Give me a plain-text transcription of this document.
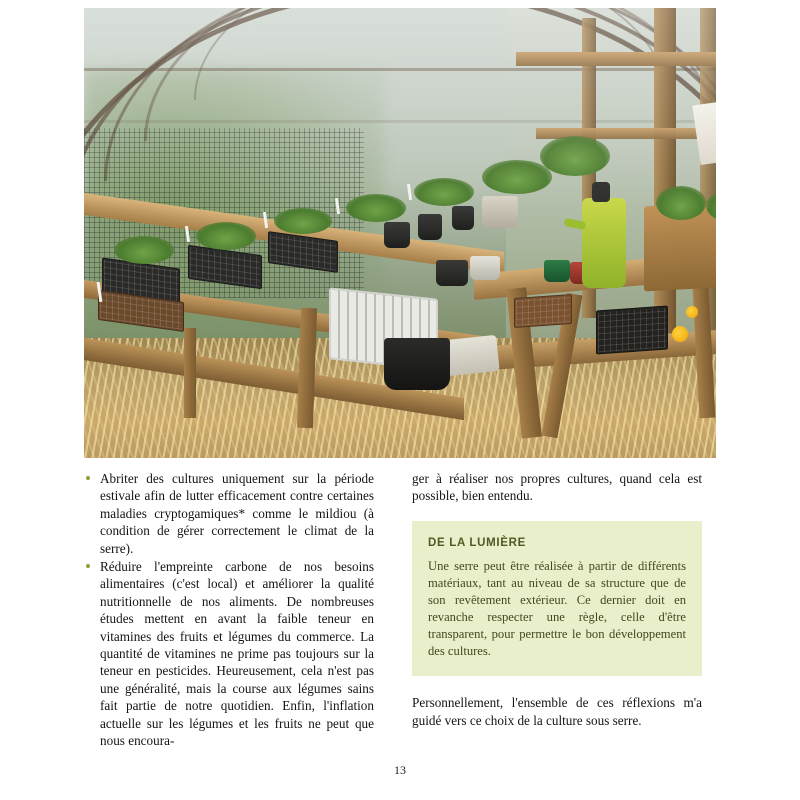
Abriter des cultures uniquement sur la période estivale afin de lutter efficacement contre certaines maladies cryptogamiques* comme le mildiou (à condition de gérer correctement le climat de la serre).

Réduire l'empreinte carbone de nos besoins alimentaires (c'est local) et améliorer la qualité nutritionnelle de nos aliments. De nombreuses études mettent en avant la faible teneur en vitamines des fruits et légumes du commerce. La quantité de vitamines ne prime pas toujours sur la teneur en pesticides. Heureusement, cela n'est pas une généralité, mais la course aux légumes sains fait partie de notre quotidien. Enfin, l'inflation actuelle sur les légumes et les fruits ne peut que nous encoura-

ger à réaliser nos propres cultures, quand cela est possible, bien entendu.

DE LA LUMIÈRE

Une serre peut être réalisée à partir de différents matériaux, tant au niveau de sa structure que de son revêtement extérieur. Ce dernier doit en revanche respecter une règle, celle d'être transparent, pour permettre le bon développement des cultures.

Personnellement, l'ensemble de ces réflexions m'a guidé vers ce choix de la culture sous serre.

13
